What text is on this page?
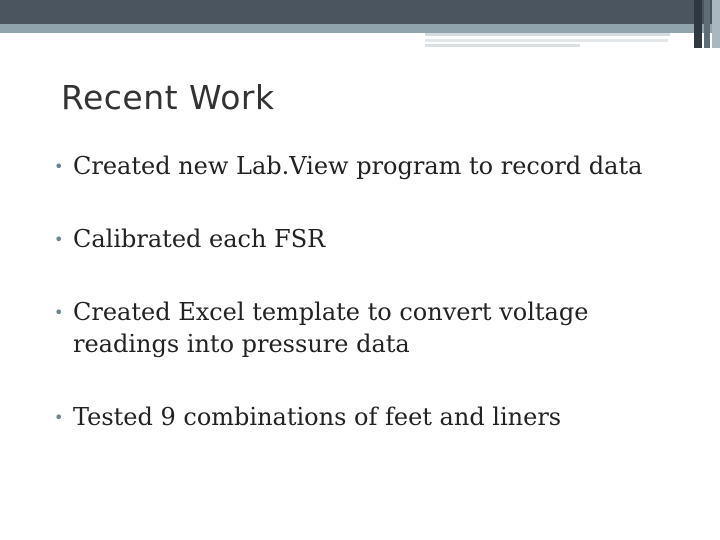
Recent Work
• Created new Lab.View program to record data
• Calibrated each FSR
• Created Excel template to convert voltage readings into pressure data
• Tested 9 combinations of feet and liners
